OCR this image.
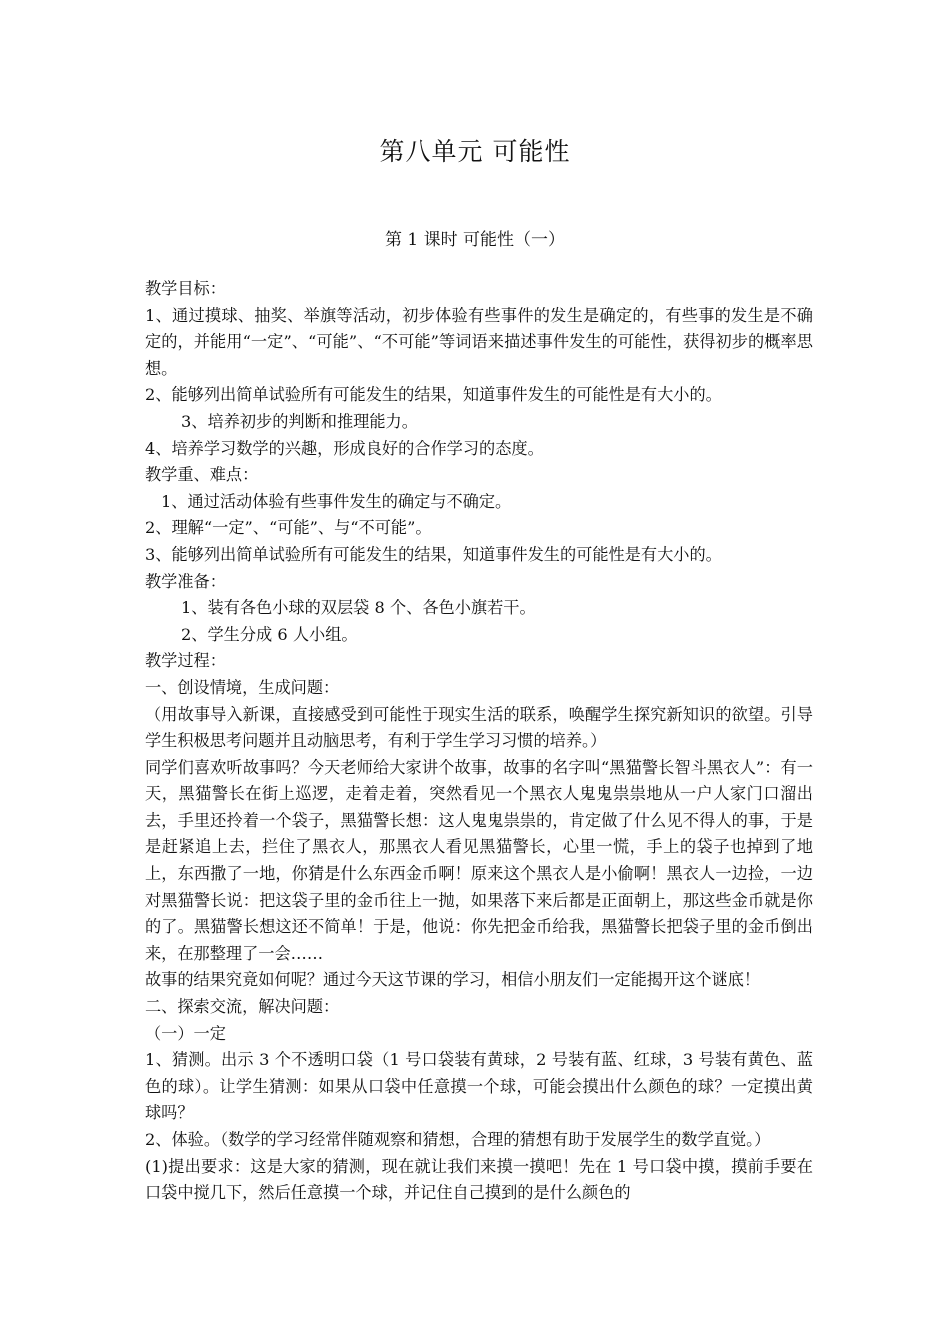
第八单元 可能性
第 1 课时 可能性（一）

教学目标：

1、通过摸球、抽奖、举旗等活动，初步体验有些事件的发生是确定的，有些事的发生是不确定的，并能用“一定”、“可能”、“不可能”等词语来描述事件发生的可能性，获得初步的概率思想。

2、能够列出简单试验所有可能发生的结果，知道事件发生的可能性是有大小的。

3、培养初步的判断和推理能力。

4、培养学习数学的兴趣，形成良好的合作学习的态度。

教学重、难点：

1、通过活动体验有些事件发生的确定与不确定。

2、理解“一定”、“可能”、与“不可能”。

3、能够列出简单试验所有可能发生的结果，知道事件发生的可能性是有大小的。

教学准备：

1、装有各色小球的双层袋 8 个、各色小旗若干。

2、学生分成 6 人小组。

教学过程：

一、创设情境，生成问题：

（用故事导入新课，直接感受到可能性于现实生活的联系，唤醒学生探究新知识的欲望。引导学生积极思考问题并且动脑思考，有利于学生学习习惯的培养。）

同学们喜欢听故事吗？今天老师给大家讲个故事，故事的名字叫“黑猫警长智斗黑衣人”：有一天，黑猫警长在街上巡逻，走着走着，突然看见一个黑衣人鬼鬼祟祟地从一户人家门口溜出去，手里还拎着一个袋子，黑猫警长想：这人鬼鬼祟祟的，肯定做了什么见不得人的事，于是是赶紧追上去，拦住了黑衣人，那黑衣人看见黑猫警长，心里一慌，手上的袋子也掉到了地上，东西撒了一地，你猜是什么东西金币啊！原来这个黑衣人是小偷啊！黑衣人一边捡，一边对黑猫警长说：把这袋子里的金币往上一抛，如果落下来后都是正面朝上，那这些金币就是你的了。黑猫警长想这还不简单！于是，他说：你先把金币给我，黑猫警长把袋子里的金币倒出来，在那整理了一会……

故事的结果究竟如何呢？通过今天这节课的学习，相信小朋友们一定能揭开这个谜底！

二、探索交流，解决问题：

（一）一定

1、猜测。出示 3 个不透明口袋（1 号口袋装有黄球，2 号装有蓝、红球，3 号装有黄色、蓝色的球）。让学生猜测：如果从口袋中任意摸一个球，可能会摸出什么颜色的球？一定摸出黄球吗？

2、体验。（数学的学习经常伴随观察和猜想，合理的猜想有助于发展学生的数学直觉。）

(1)提出要求：这是大家的猜测，现在就让我们来摸一摸吧！先在 1 号口袋中摸，摸前手要在口袋中搅几下，然后任意摸一个球，并记住自己摸到的是什么颜色的
